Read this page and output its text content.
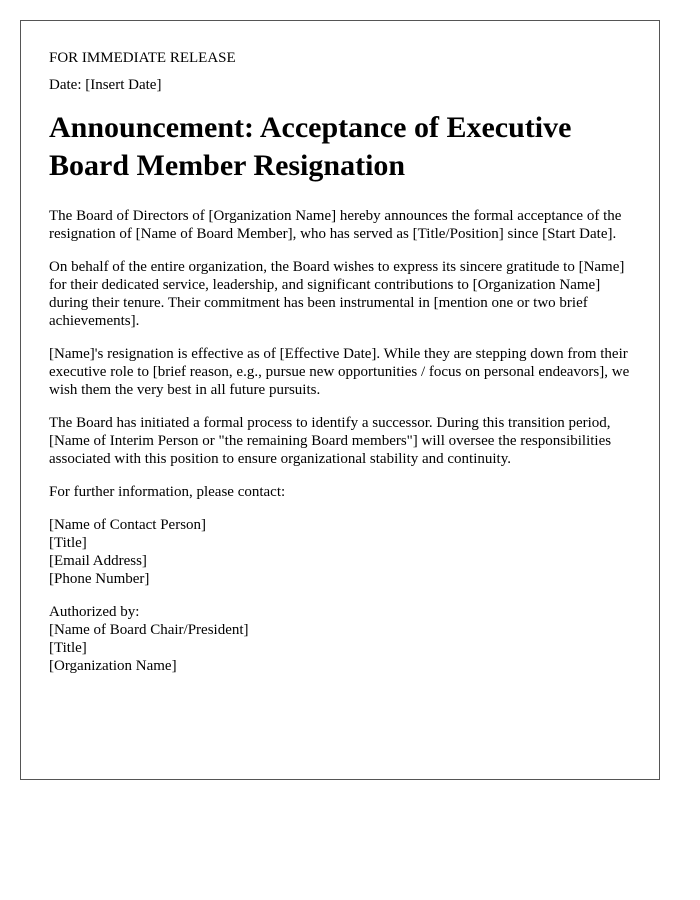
FOR IMMEDIATE RELEASE

Date: [Insert Date]

Announcement: Acceptance of Executive Board Member Resignation

The Board of Directors of [Organization Name] hereby announces the formal acceptance of the resignation of [Name of Board Member], who has served as [Title/Position] since [Start Date].

On behalf of the entire organization, the Board wishes to express its sincere gratitude to [Name] for their dedicated service, leadership, and significant contributions to [Organization Name] during their tenure. Their commitment has been instrumental in [mention one or two brief achievements].

[Name]'s resignation is effective as of [Effective Date]. While they are stepping down from their executive role to [brief reason, e.g., pursue new opportunities / focus on personal endeavors], we wish them the very best in all future pursuits.

The Board has initiated a formal process to identify a successor. During this transition period, [Name of Interim Person or "the remaining Board members"] will oversee the responsibilities associated with this position to ensure organizational stability and continuity.

For further information, please contact:

[Name of Contact Person]
[Title]
[Email Address]
[Phone Number]
Authorized by:
[Name of Board Chair/President]
[Title]
[Organization Name]
